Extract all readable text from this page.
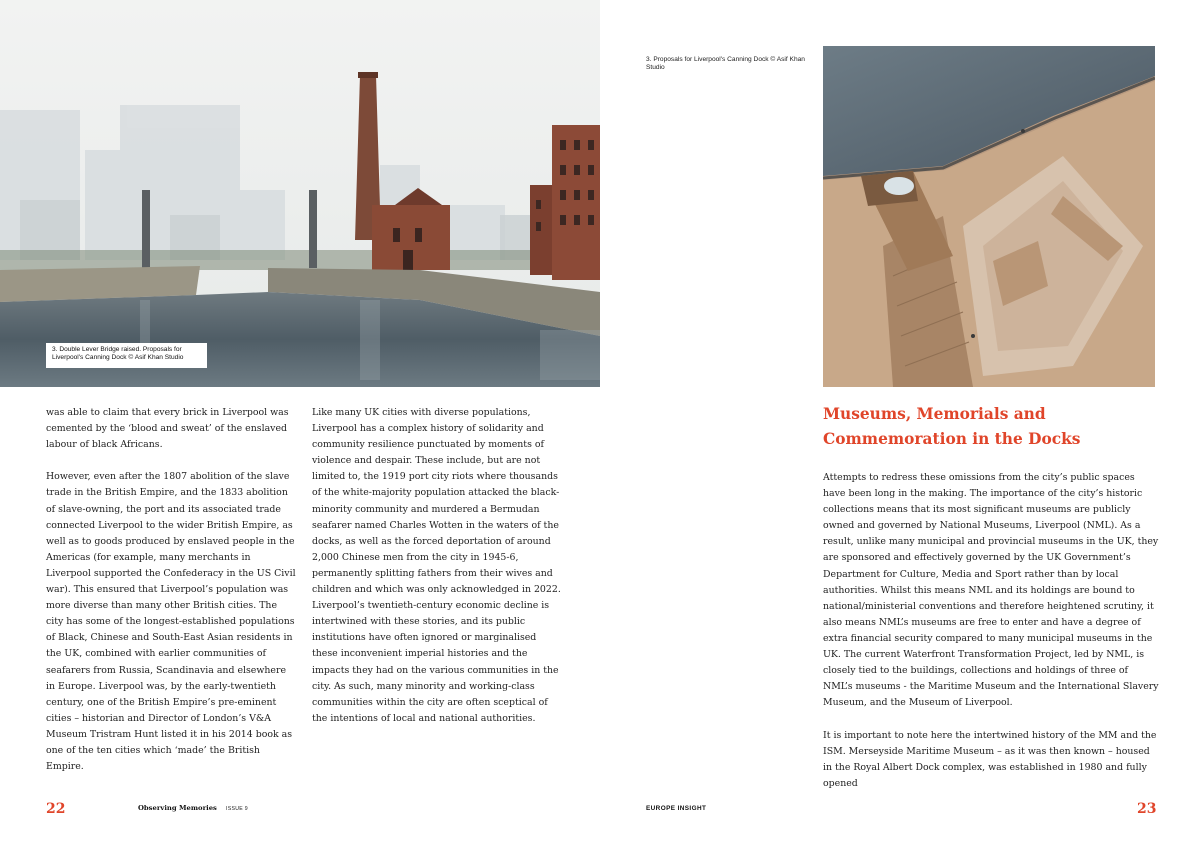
3. Double Lever Bridge raised. Proposals for Liverpool's Canning Dock © Asif Khan Studio

was able to claim that every brick in Liverpool was cemented by the ‘blood and sweat’ of the enslaved labour of black Africans.

However, even after the 1807 abolition of the slave trade in the British Empire, and the 1833 abolition of slave-owning, the port and its associated trade connected Liverpool to the wider British Empire, as well as to goods produced by enslaved people in the Americas (for example, many merchants in Liverpool supported the Confederacy in the US Civil war). This ensured that Liverpool’s population was more diverse than many other British cities. The city has some of the longest-established populations of Black, Chinese and South-East Asian residents in the UK, combined with earlier communities of seafarers from Russia, Scandinavia and elsewhere in Europe. Liverpool was, by the early-twentieth century, one of the British Empire’s pre-eminent cities – historian and Director of London’s V&A Museum Tristram Hunt listed it in his 2014 book as one of the ten cities which ‘made’ the British Empire.

Like many UK cities with diverse populations, Liverpool has a complex history of solidarity and community resilience punctuated by moments of violence and despair. These include, but are not limited to, the 1919 port city riots where thousands of the white-majority population attacked the black-minority community and murdered a Bermudan seafarer named Charles Wotten in the waters of the docks, as well as the forced deportation of around 2,000 Chinese men from the city in 1945-6, permanently splitting fathers from their wives and children and which was only acknowledged in 2022. Liverpool’s twentieth-century economic decline is intertwined with these stories, and its public institutions have often ignored or marginalised these inconvenient imperial histories and the impacts they had on the various communities in the city. As such, many minority and working-class communities within the city are often sceptical of the intentions of local and national authorities.

22	Observing Memories ISSUE 9
3. Proposals for Liverpool's Canning Dock © Asif Khan Studio
Museums, Memorials and Commemoration in the Docks

Attempts to redress these omissions from the city’s public spaces have been long in the making. The importance of the city’s historic collections means that its most significant museums are publicly owned and governed by National Museums, Liverpool (NML). As a result, unlike many municipal and provincial museums in the UK, they are sponsored and effectively governed by the UK Government’s Department for Culture, Media and Sport rather than by local authorities. Whilst this means NML and its holdings are bound to national/ministerial conventions and therefore heightened scrutiny, it also means NML’s museums are free to enter and have a degree of extra financial security compared to many municipal museums in the UK. The current Waterfront Transformation Project, led by NML, is closely tied to the buildings, collections and holdings of three of NML’s museums - the Maritime Museum and the International Slavery Museum, and the Museum of Liverpool.

It is important to note here the intertwined history of the MM and the ISM. Merseyside Maritime Museum – as it was then known – housed in the Royal Albert Dock complex, was established in 1980 and fully opened

EUROPE INSIGHT	23
